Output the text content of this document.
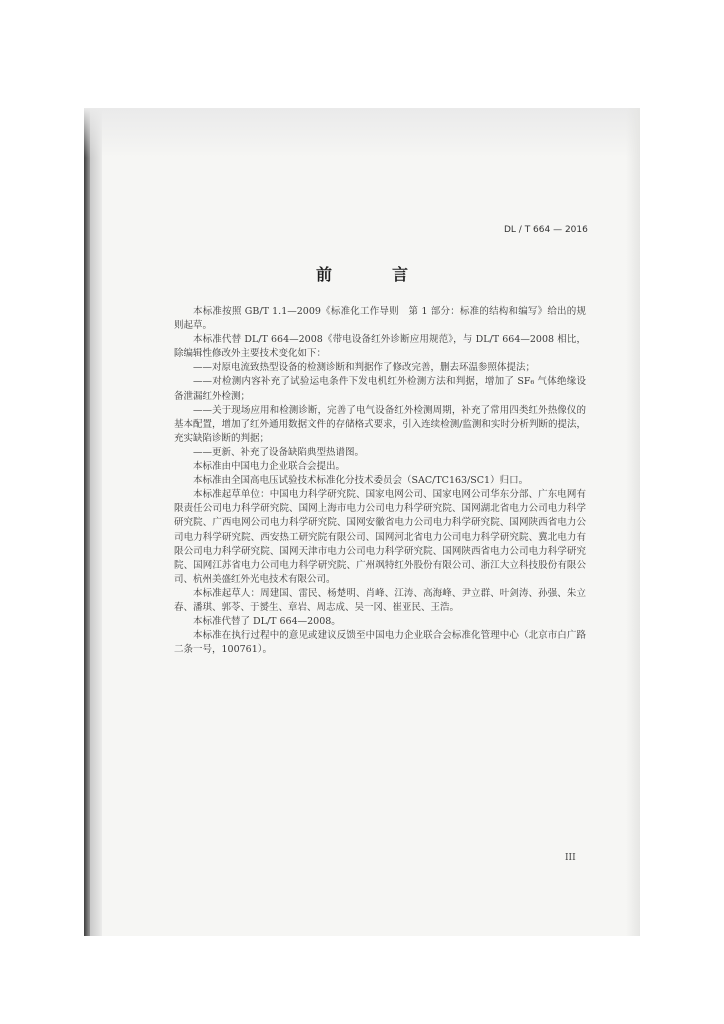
DL / T 664 — 2016
前　言

本标准按照 GB/T 1.1—2009《标准化工作导则　第 1 部分：标准的结构和编写》给出的规则起草。

本标准代替 DL/T 664—2008《带电设备红外诊断应用规范》，与 DL/T 664—2008 相比，除编辑性修改外主要技术变化如下：

——对原电流致热型设备的检测诊断和判据作了修改完善，删去环温参照体提法；

——对检测内容补充了试验运电条件下发电机红外检测方法和判据，增加了 SF₆ 气体绝缘设备泄漏红外检测；

——关于现场应用和检测诊断，完善了电气设备红外检测周期，补充了常用四类红外热像仪的基本配置，增加了红外通用数据文件的存储格式要求，引入连续检测/监测和实时分析判断的提法，充实缺陷诊断的判据；

——更新、补充了设备缺陷典型热谱图。

本标准由中国电力企业联合会提出。

本标准由全国高电压试验技术标准化分技术委员会（SAC/TC163/SC1）归口。

本标准起草单位：中国电力科学研究院、国家电网公司、国家电网公司华东分部、广东电网有限责任公司电力科学研究院、国网上海市电力公司电力科学研究院、国网湖北省电力公司电力科学研究院、广西电网公司电力科学研究院、国网安徽省电力公司电力科学研究院、国网陕西省电力公司电力科学研究院、西安热工研究院有限公司、国网河北省电力公司电力科学研究院、冀北电力有限公司电力科学研究院、国网天津市电力公司电力科学研究院、国网陕西省电力公司电力科学研究院、国网江苏省电力公司电力科学研究院、广州飒特红外股份有限公司、浙江大立科技股份有限公司、杭州美盛红外光电技术有限公司。

本标准起草人：周建国、雷民、杨楚明、肖峰、江涛、高海峰、尹立群、叶剑涛、孙强、朱立春、潘琪、郭苓、于赟生、章岩、周志成、吴一冈、崔亚民、王浩。

本标准代替了 DL/T 664—2008。

本标准在执行过程中的意见或建议反馈至中国电力企业联合会标准化管理中心（北京市白广路二条一号，100761）。

III
